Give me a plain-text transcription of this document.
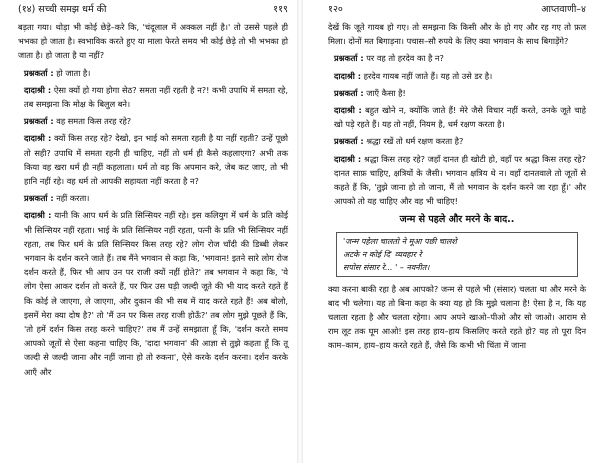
(१४) सच्ची समझ धर्म की	११९

बड़ता गया। थोड़ा भी कोई छेड़े–करे कि, 'चंदूलाल में अक्कल नहीं है।' तो उससे पहले ही भभका हो जाता है। स्वभाविक करते हुए या माला फेरते समय भी कोई छेड़े तो भी भभका हो जाता है। हो जाता है या नहीं?

प्रश्नकर्ता : हो जाता है।

दादाश्री : ऐसा क्यों हो गया होगा सेठ? समता नहीं रहती है न?! कभी उपाधि में समता रहे, तब समझना कि मोक्ष के बिलुल बने।

प्रश्नकर्ता : वह समता किस तरह रहे?

दादाश्री : क्यों किस तरह रहे? देखो, इन भाई को समता रहती है या नहीं रहती? उन्हें पूछो तो सही? उपाधि में समता रहनी ही चाहिए, नहीं तो धर्म ही कैसे कहलाएगा? अभी तक किया वह खरा धर्म ही नहीं कहलाता। धर्म तो वह कि अपमान करे, जेब कट जाए, तो भी हानि नहीं रहे। वह धर्म तो आपकी सहायता नहीं करता है न?

प्रश्नकर्ता : नहीं करता।

दादाश्री : यानी कि आप धर्म के प्रति सिन्सियर नहीं रहे। इस कलियुग में धर्म के प्रति कोई भी सिन्सियर नहीं रहता। भाई के प्रति सिन्सियर नहीं रहता, पत्नी के प्रति भी सिन्सियर नहीं रहता, तब फिर धर्म के प्रति सिन्सियर किस तरह रहे? लोग रोज चाँदी की डिब्बी लेकर भगवान के दर्शन करने जाते हैं। तब मैंने भगवान से कहा कि, 'भगवान! इतने सारे लोग रोज दर्शन करते हैं, फिर भी आप उन पर राजी क्यों नहीं होते?' तब भगवान ने कहा कि, 'ये लोग ऐसा आकर दर्शन तो करते हैं, पर फिर उस घड़ी जल्दी जूते की भी याद करते रहते हैं कि कोई ले जाएगा, ले जाएगा, और दुकान की भी सब में याद करते रहते हैं! अब बोलो, इसमें मेरा क्या दोष है?' तो 'मैं उन पर किस तरह राजी होऊँ?' तब लोग मुझे पूछते हैं कि, 'तो हमें दर्शन किस तरह करने चाहिए?' तब मैं उन्हें समझाता हूँ कि, 'दर्शन करते समय आपको जूतों से ऐसा कहना चाहिए कि, 'दादा भगवान' की आज्ञा से तुझे कहता हूँ कि तू जल्दी से जल्दी जाना और नहीं जाना हो तो रुकना', ऐसे करके दर्शन करना। दर्शन करके आएँ और

१२०	आप्तवाणी–४

देखें कि जूते गायब हो गए। तो समझना कि किसी और के हो गए और रह गए तो फ़ल मिला। दोनों मत बिगाड़ना। पचास–सौ रुपये के लिए क्या भगवान के साथ बिगाड़ेंगे?

प्रश्नकर्ता : पर वह तो हरदेव का है न?

दादाश्री : हरदेव गायब नहीं जाते हैं। यह तो उसे डर है।

प्रश्नकर्ता : जाएँ कैसा है!

दादाश्री : बहुत खोने न, क्योंकि जाते हैं! मेरे जैसे विचार नहीं करते, उनके जूते चाहे खो पड़े रहते हैं। यह तो नहीं, नियम है, धर्म रक्षण करता है।

प्रश्नकर्ता : श्रद्धा रखें तो धर्म रक्षण करता है?

दादाश्री : श्रद्धा किस तरह रहे? जहाँ दानत ही खोटी हो, वहाँ पर श्रद्धा किस तरह रहे? दानत साफ़ चाहिए, क्षत्रियों के जैसी। भगवान क्षत्रिय थे न। वहाँ दानतवाले तो जूतों से कहते हैं कि, 'तुझे जाना हो तो जाना, मैं तो भगवान के दर्शन करने जा रहा हूँ।' और आपको तो यह चाहिए और वह भी चाहिए!

जन्म से पहले और मरने के बाद..
'जन्म पहेला चालतो ने मूआ पछी चालशे
अटके न कोई दि' व्यवहार रे
सपोस संसार रे... ' – नवनीत।

क्या करना बाकी रहा है अब आपको? जन्म से पहले भी (संसार) चलता था और मरने के बाद भी चलेगा। यह तो बिना कहा के क्या यह हो कि मुझे चलाना है! ऐसा है न, कि यह चलाता रहता है और चलता रहेगा। आप अपने खाओ–पीओ और सो जाओ। आराम से राम लूट तक घूम आओ! इस तरह हाय–हाय किसलिए करते रहते हो? यह तो पूरा दिन काम–काम, हाय–हाय करते रहते हैं, जैसे कि कभी भी चिंता में जाना
